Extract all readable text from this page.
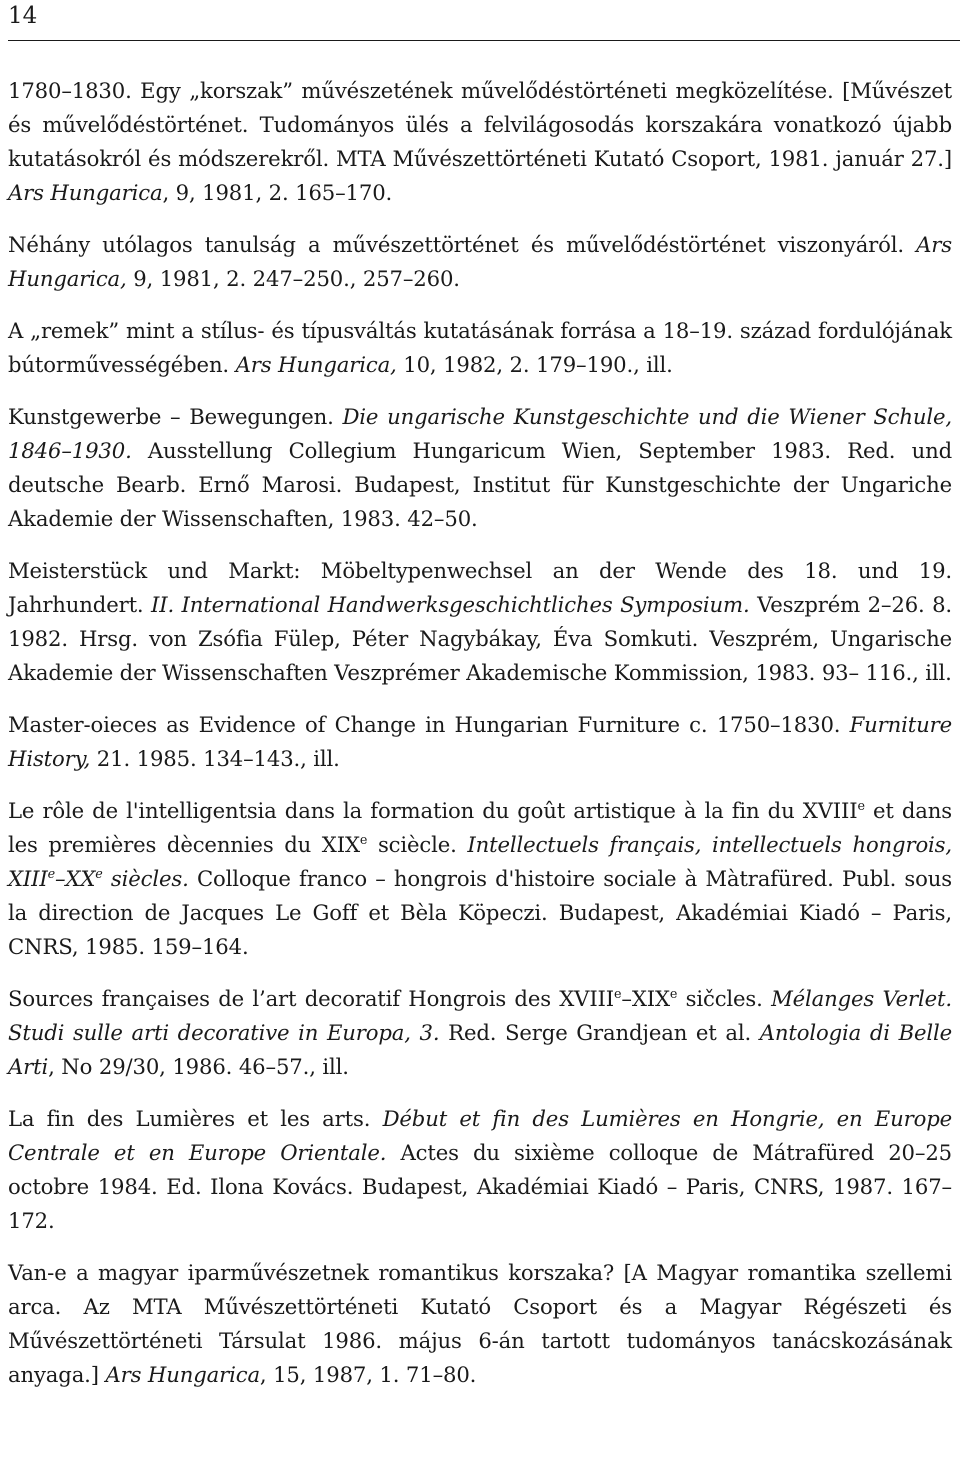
14

1780–1830. Egy „korszak” művészetének művelődéstörténeti megközelítése. [Művészet és művelődéstörténet. Tudományos ülés a felvilágosodás korszakára vonatkozó újabb kutatásokról és módszerekről. MTA Művészettörténeti Kutató Csoport, 1981. január 27.] Ars Hungarica, 9, 1981, 2. 165–170.

Néhány utólagos tanulság a művészettörténet és művelődéstörténet viszonyáról. Ars Hungarica, 9, 1981, 2. 247–250., 257–260.

A „remek” mint a stílus- és típusváltás kutatásának forrása a 18–19. század fordulójának bútorművességében. Ars Hungarica, 10, 1982, 2. 179–190., ill.

Kunstgewerbe – Bewegungen. Die ungarische Kunstgeschichte und die Wiener Schule, 1846–1930. Ausstellung Collegium Hungaricum Wien, September 1983. Red. und deutsche Bearb. Ernő Marosi. Budapest, Institut für Kunstgeschichte der Ungariche Akademie der Wissenschaften, 1983. 42–50.

Meisterstück und Markt: Möbeltypenwechsel an der Wende des 18. und 19. Jahrhundert. II. International Handwerksgeschichtliches Symposium. Veszprém 2–26. 8. 1982. Hrsg. von Zsófia Fülep, Péter Nagybákay, Éva Somkuti. Veszprém, Ungarische Akademie der Wissenschaften Veszprémer Akademische Kommission, 1983. 93– 116., ill.

Master-oieces as Evidence of Change in Hungarian Furniture c. 1750–1830. Furniture History, 21. 1985. 134–143., ill.

Le rôle de l'intelligentsia dans la formation du goût artistique à la fin du XVIIIe et dans les premières dècennies du XIXe sciècle. Intellectuels français, intellectuels hongrois, XIIIe–XXe siècles. Colloque franco – hongrois d'histoire sociale à Màtrafüred. Publ. sous la direction de Jacques Le Goff et Bèla Köpeczi. Budapest, Akadémiai Kiadó – Paris, CNRS, 1985. 159–164.

Sources françaises de l’art decoratif Hongrois des XVIIIe–XIXe sičcles. Mélanges Verlet. Studi sulle arti decorative in Europa, 3. Red. Serge Grandjean et al. Antologia di Belle Arti, No 29/30, 1986. 46–57., ill.

La fin des Lumières et les arts. Début et fin des Lumières en Hongrie, en Europe Centrale et en Europe Orientale. Actes du sixième colloque de Mátrafüred 20–25 octobre 1984. Ed. Ilona Kovács. Budapest, Akadémiai Kiadó – Paris, CNRS, 1987. 167–172.

Van-e a magyar iparművészetnek romantikus korszaka? [A Magyar romantika szellemi arca. Az MTA Művészettörténeti Kutató Csoport és a Magyar Régészeti és Művészettörténeti Társulat 1986. május 6-án tartott tudományos tanácskozásának anyaga.] Ars Hungarica, 15, 1987, 1. 71–80.
